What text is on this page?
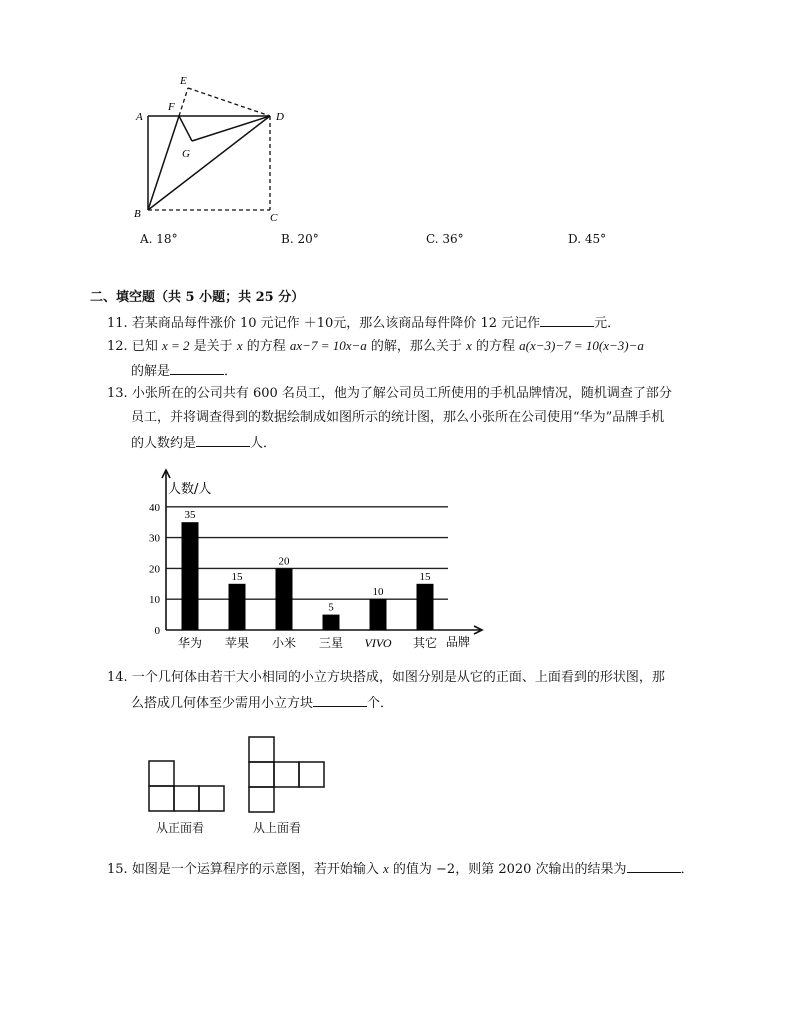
A
B	C
D
E
F
G
A. 18°	B. 20°	C. 36°	D. 45°
二、填空题（共 5 小题；共 25 分）
11. 若某商品每件涨价 10 元记作 ＋10元，那么该商品每件降价 12 元记作	元．
12. 已知 x = 2 是关于 x 的方程 ax−7 = 10x−a 的解，那么关于 x 的方程 a(x−3)−7 = 10(x−3)−a
的解是	．
13. 小张所在的公司共有 600 名员工，他为了解公司员工所使用的手机品牌情况，随机调查了部分
员工，并将调查得到的数据绘制成如图所示的统计图，那么小张所在公司使用“华为”品牌手机
的人数约是	人．
0
10
20
30
40
人数/人
品牌
35
华为
15
苹果
20
小米
5
三星
10
VIVO
15
其它
14. 一个几何体由若干大小相同的小立方块搭成，如图分别是从它的正面、上面看到的形状图，那
么搭成几何体至少需用小立方块	个．
从正面看	从上面看
15. 如图是一个运算程序的示意图，若开始输入 x 的值为 −2，则第 2020 次输出的结果为	．
